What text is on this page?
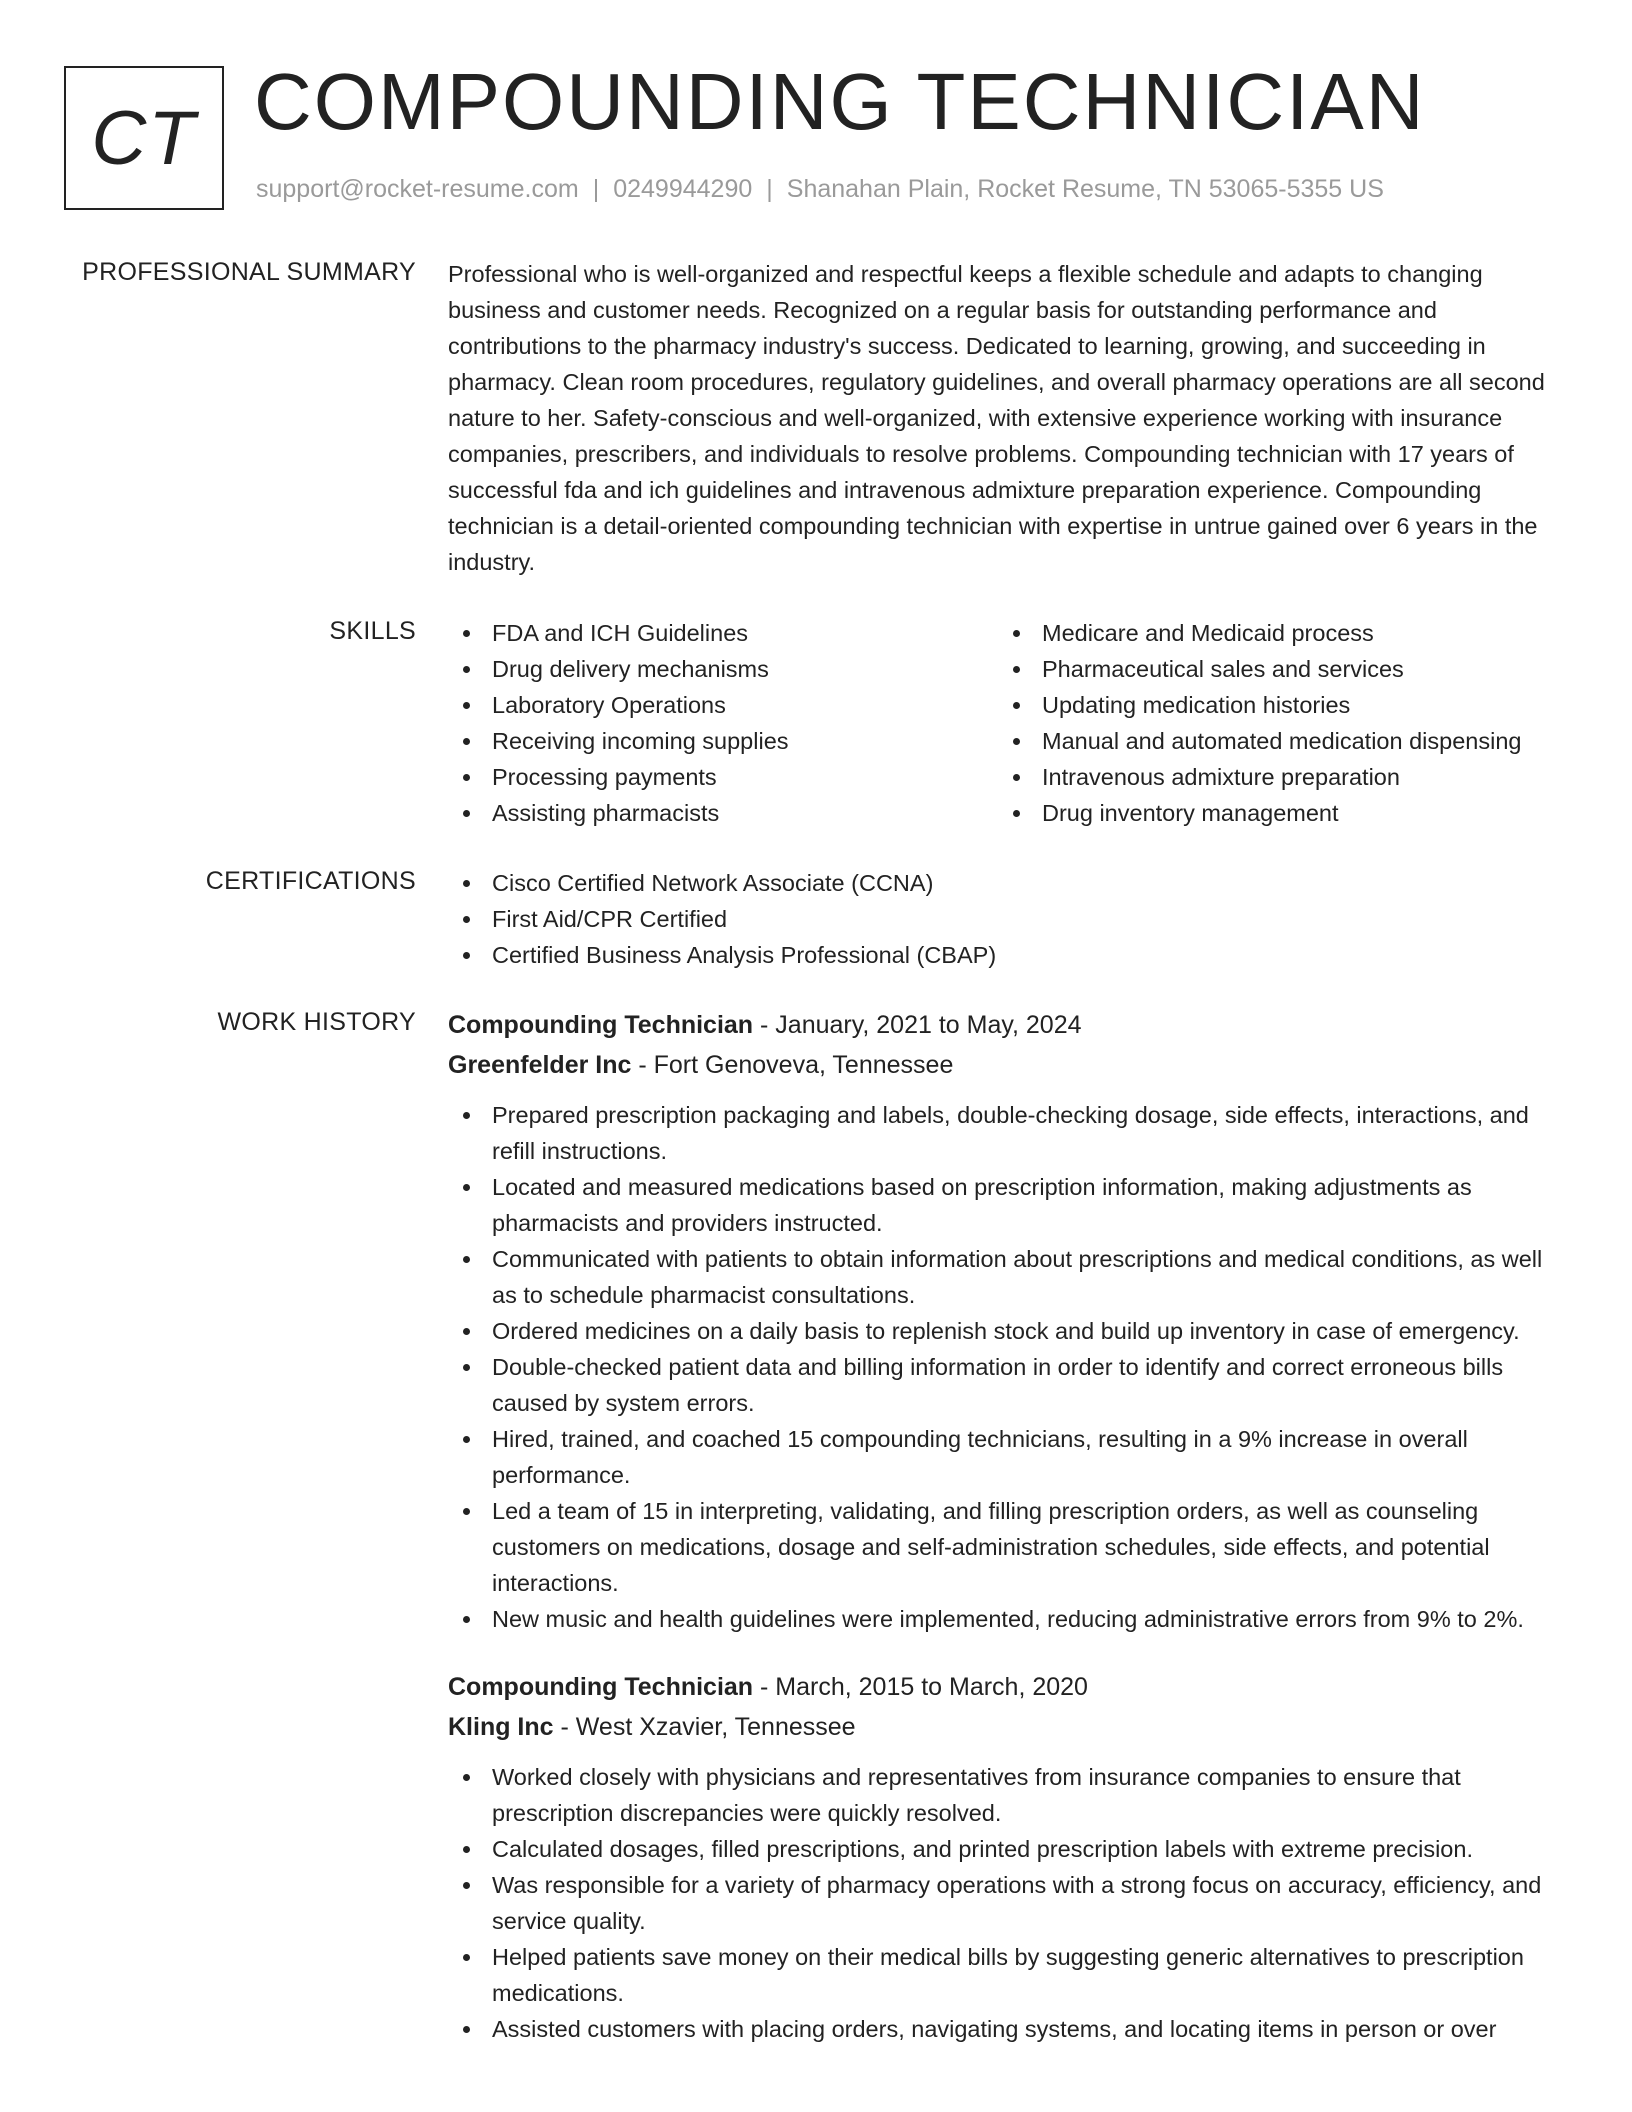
CT COMPOUNDING TECHNICIAN
support@rocket-resume.com | 0249944290 | Shanahan Plain, Rocket Resume, TN 53065-5355 US
PROFESSIONAL SUMMARY Professional who is well-organized and respectful keeps a flexible schedule and adapts to changing business and customer needs. Recognized on a regular basis for outstanding performance and contributions to the pharmacy industry's success. Dedicated to learning, growing, and succeeding in pharmacy. Clean room procedures, regulatory guidelines, and overall pharmacy operations are all second nature to her. Safety-conscious and well-organized, with extensive experience working with insurance companies, prescribers, and individuals to resolve problems. Compounding technician with 17 years of successful fda and ich guidelines and intravenous admixture preparation experience. Compounding technician is a detail-oriented compounding technician with expertise in untrue gained over 6 years in the industry.
SKILLS	FDA and ICH Guidelines
Drug delivery mechanisms
Laboratory Operations
Receiving incoming supplies
Processing payments
Assisting pharmacists
Medicare and Medicaid process
Pharmaceutical sales and services
Updating medication histories
Manual and automated medication dispensing
Intravenous admixture preparation
Drug inventory management
CERTIFICATIONS	Cisco Certified Network Associate (CCNA)
First Aid/CPR Certified
Certified Business Analysis Professional (CBAP)
WORK HISTORY Compounding Technician - January, 2021 to May, 2024
Greenfelder Inc - Fort Genoveva, Tennessee
Prepared prescription packaging and labels, double-checking dosage, side effects, interactions, and refill instructions.
Located and measured medications based on prescription information, making adjustments as pharmacists and providers instructed.
Communicated with patients to obtain information about prescriptions and medical conditions, as well as to schedule pharmacist consultations.
Ordered medicines on a daily basis to replenish stock and build up inventory in case of emergency.
Double-checked patient data and billing information in order to identify and correct erroneous bills caused by system errors.
Hired, trained, and coached 15 compounding technicians, resulting in a 9% increase in overall performance.
Led a team of 15 in interpreting, validating, and filling prescription orders, as well as counseling customers on medications, dosage and self-administration schedules, side effects, and potential interactions.
New music and health guidelines were implemented, reducing administrative errors from 9% to 2%.
Compounding Technician - March, 2015 to March, 2020
Kling Inc - West Xzavier, Tennessee
Worked closely with physicians and representatives from insurance companies to ensure that prescription discrepancies were quickly resolved.
Calculated dosages, filled prescriptions, and printed prescription labels with extreme precision.
Was responsible for a variety of pharmacy operations with a strong focus on accuracy, efficiency, and service quality.
Helped patients save money on their medical bills by suggesting generic alternatives to prescription medications.
Assisted customers with placing orders, navigating systems, and locating items in person or over
